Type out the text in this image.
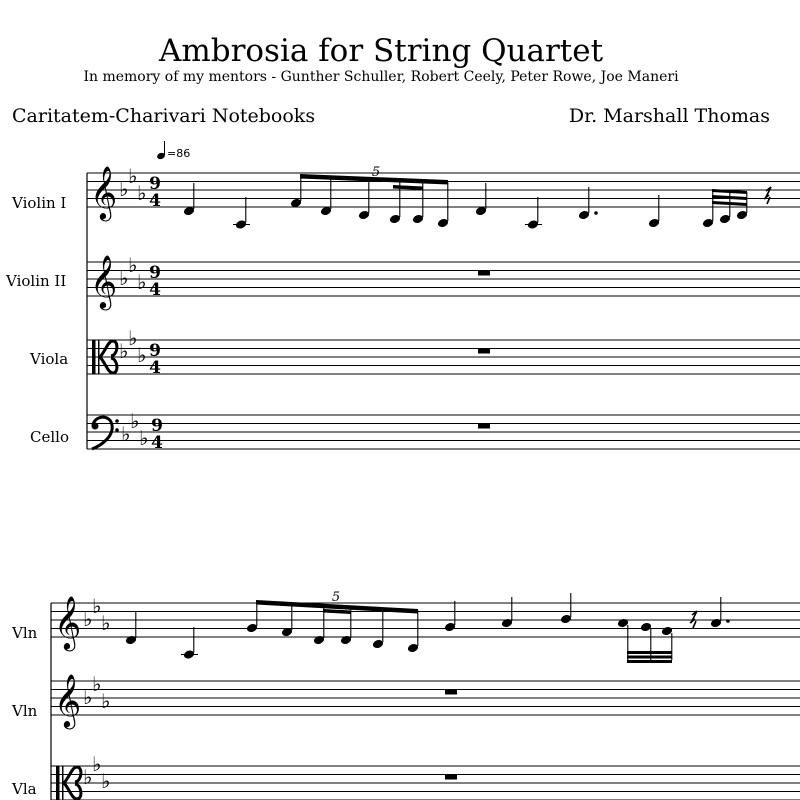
Ambrosia for String Quartet
In memory of my mentors - Gunther Schuller, Robert Ceely, Peter Rowe, Joe Maneri
Caritatem-Charivari Notebooks	Dr. Marshall Thomas
Violin I
Violin II
Viola
Cello
Vln
Vln
Vla
=86
𝄞 ♭
♭
♭ 9
4
5
𝄞 ♭
♭
♭ 9
4
♭
♭
♭ 9
4
♭
♭
♭ 9
4
𝄞 ♭
♭
♭
5
𝄞 ♭
♭
♭
♭
♭
♭
